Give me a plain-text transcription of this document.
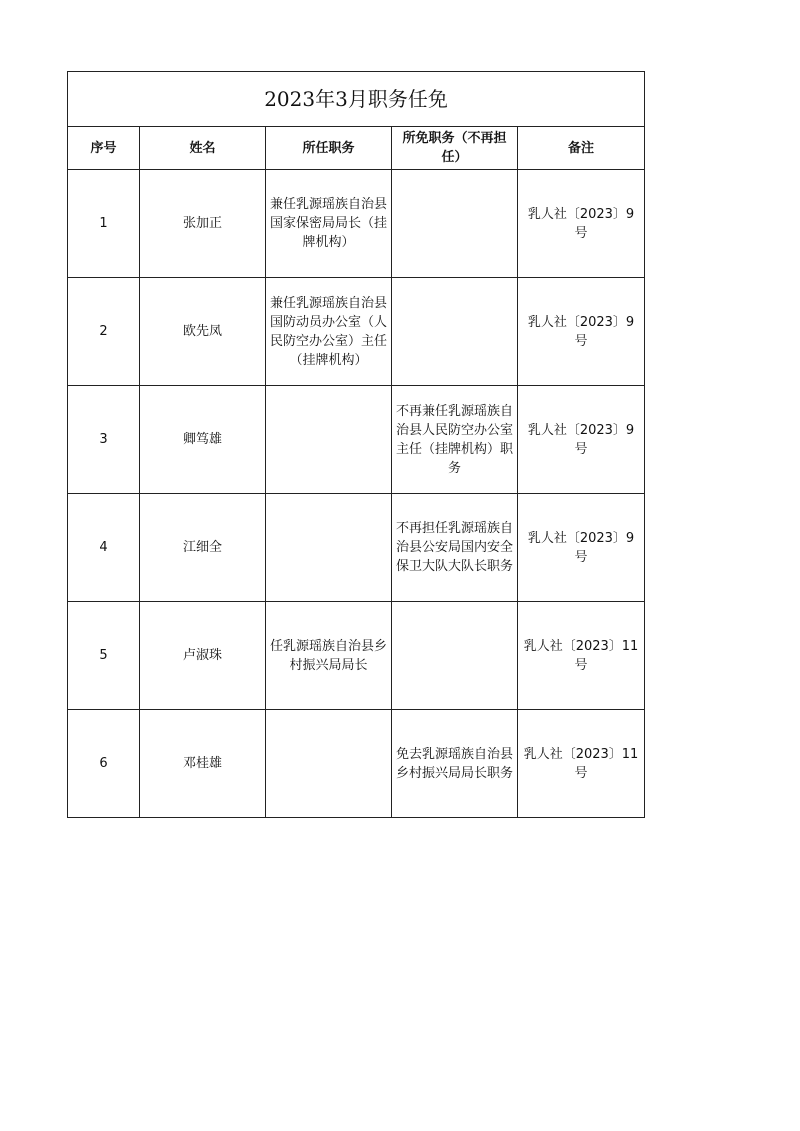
2023年3月职务任免				
序号	姓名	所任职务	所免职务（不再担任）	备注
1	张加正	兼任乳源瑶族自治县国家保密局局长（挂牌机构）		乳人社〔2023〕9号
2	欧先凤	兼任乳源瑶族自治县国防动员办公室（人民防空办公室）主任（挂牌机构）		乳人社〔2023〕9号
3	卿笃雄		不再兼任乳源瑶族自治县人民防空办公室主任（挂牌机构）职务	乳人社〔2023〕9号
4	江细全		不再担任乳源瑶族自治县公安局国内安全保卫大队大队长职务	乳人社〔2023〕9号
5	卢淑珠	任乳源瑶族自治县乡村振兴局局长		乳人社〔2023〕11号
6	邓桂雄		免去乳源瑶族自治县乡村振兴局局长职务	乳人社〔2023〕11号
